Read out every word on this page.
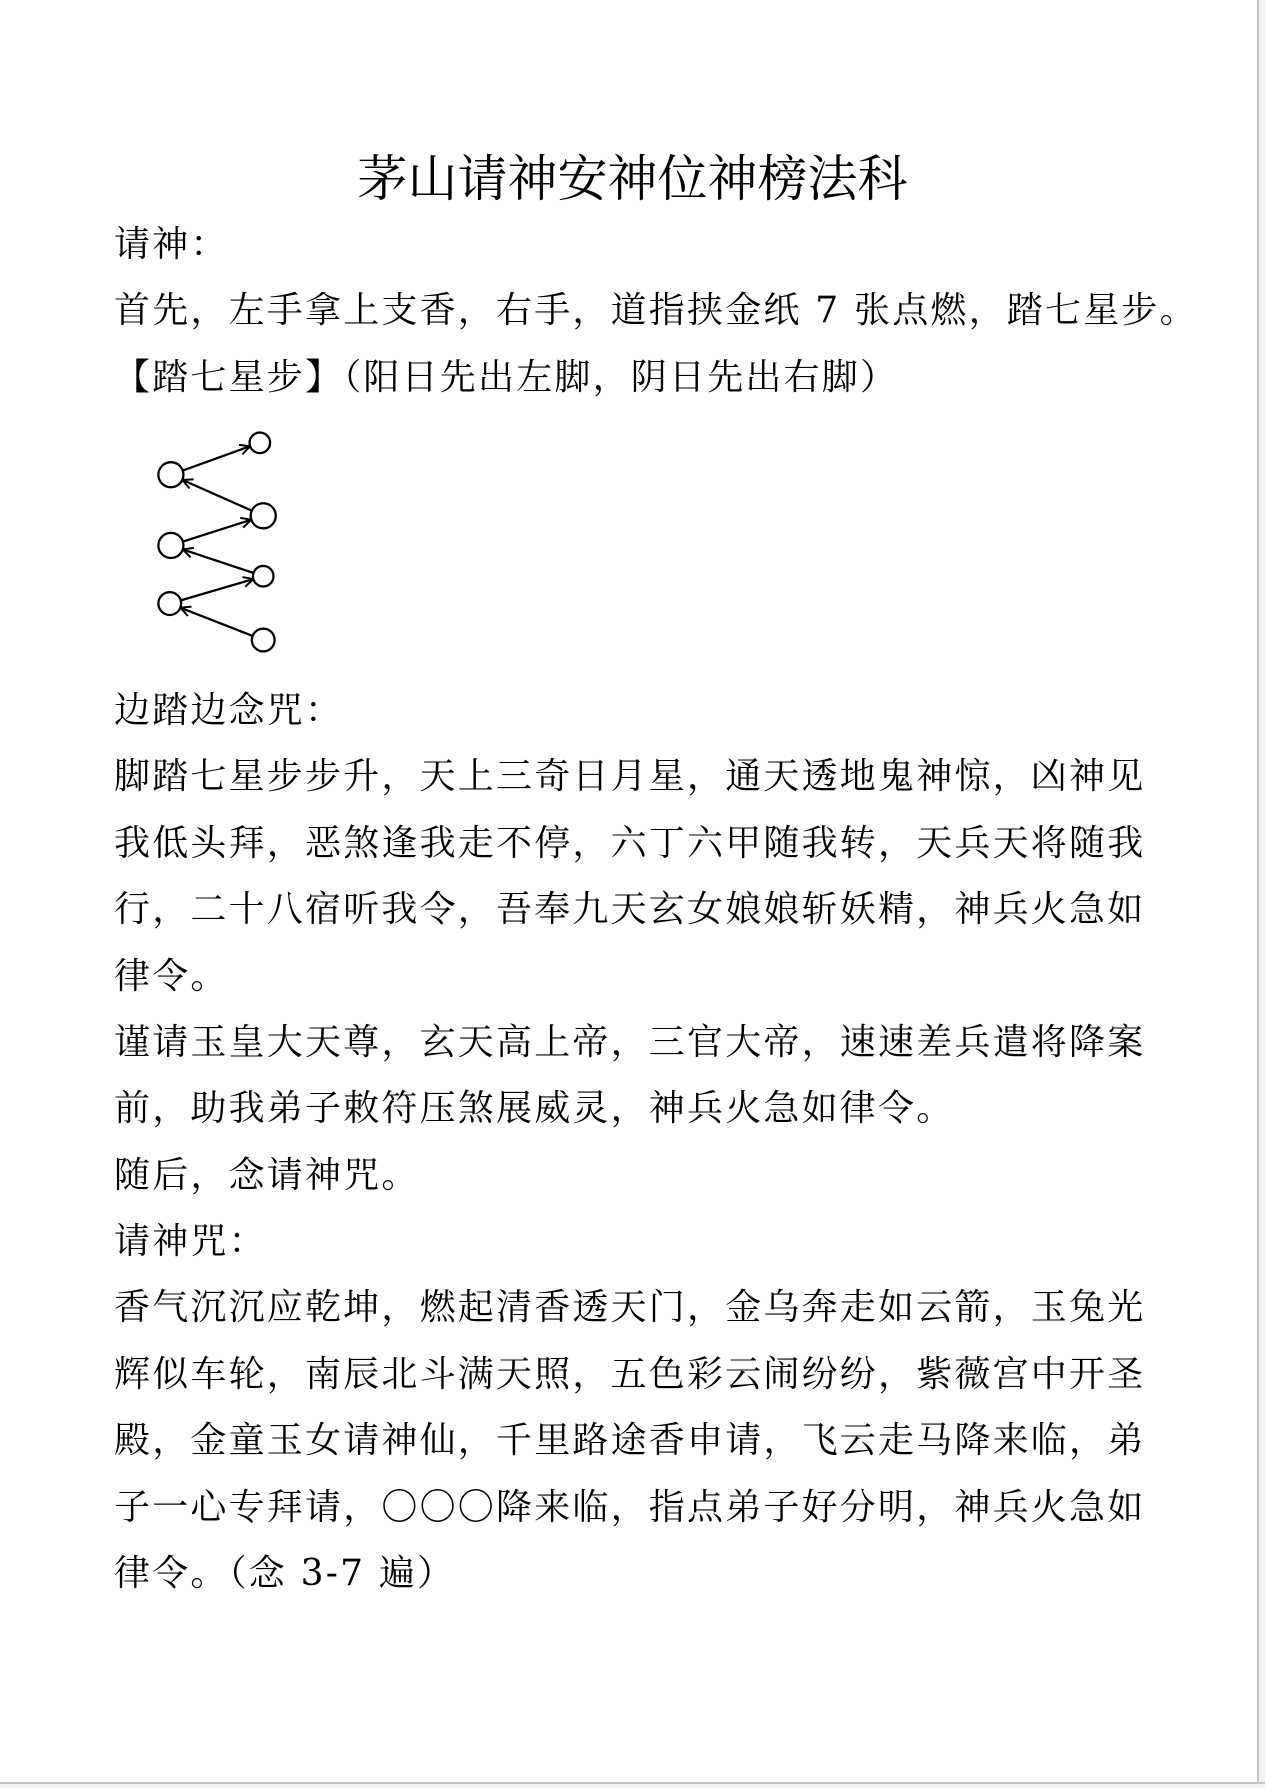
茅山请神安神位神榜法科
请神：
首先，左手拿上支香，右手，道指挟金纸 7 张点燃，踏七星步。
【踏七星步】（阳日先出左脚，阴日先出右脚）
边踏边念咒：
脚踏七星步步升，天上三奇日月星，通天透地鬼神惊，凶神见
我低头拜，恶煞逢我走不停，六丁六甲随我转，天兵天将随我
行，二十八宿听我令，吾奉九天玄女娘娘斩妖精，神兵火急如
律令。
谨请玉皇大天尊，玄天高上帝，三官大帝，速速差兵遣将降案
前，助我弟子敕符压煞展威灵，神兵火急如律令。
随后，念请神咒。
请神咒：
香气沉沉应乾坤，燃起清香透天门，金乌奔走如云箭，玉兔光
辉似车轮，南辰北斗满天照，五色彩云闹纷纷，紫薇宫中开圣
殿，金童玉女请神仙，千里路途香申请，飞云走马降来临，弟
子一心专拜请，〇〇〇降来临，指点弟子好分明，神兵火急如
律令。（念 3-7 遍）
